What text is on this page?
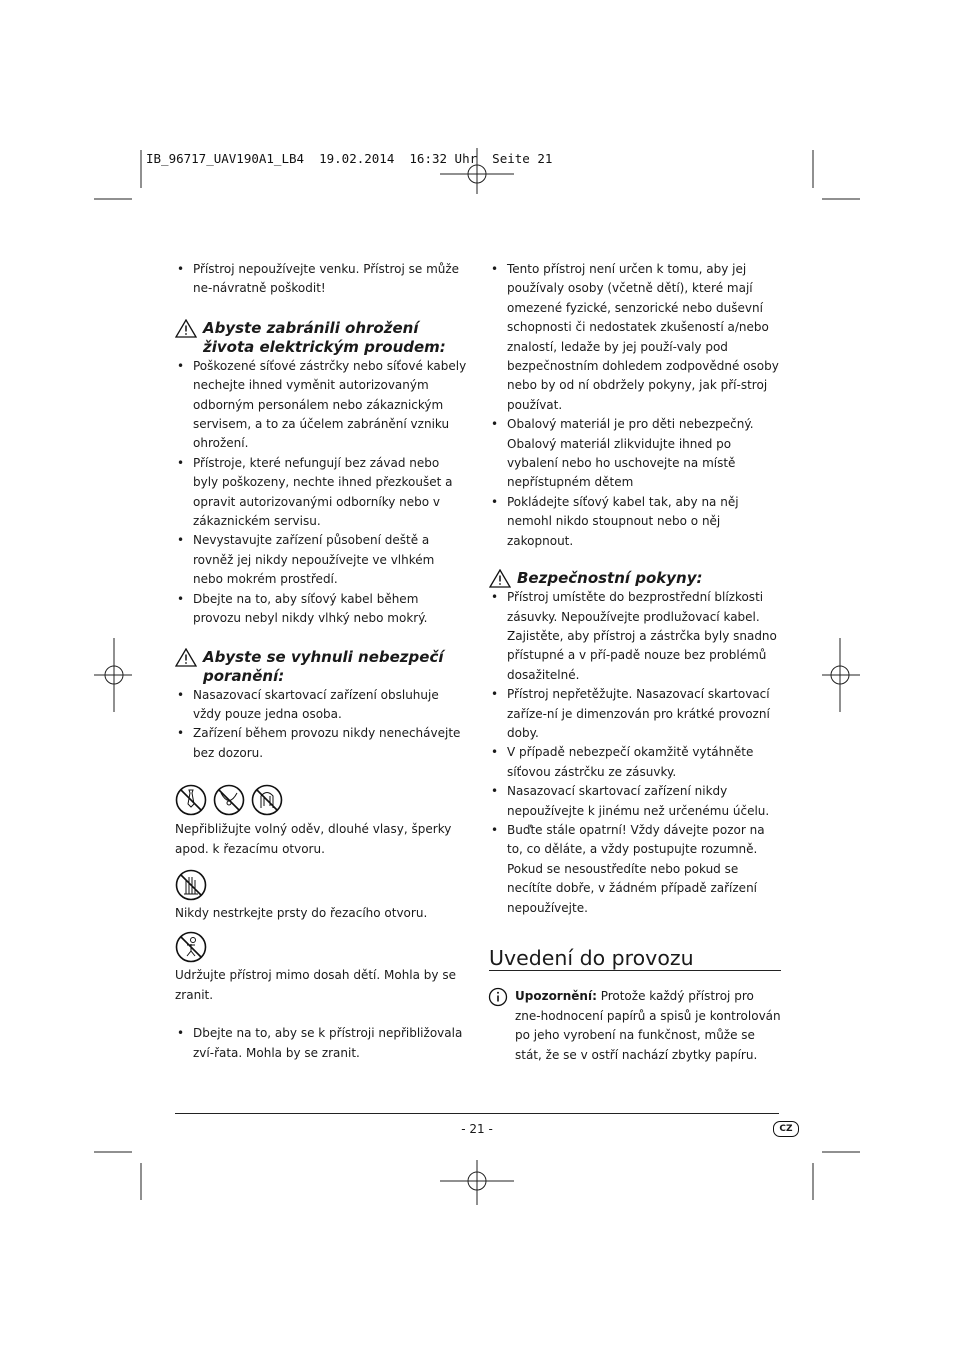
IB_96717_UAV190A1_LB4  19.02.2014  16:32 Uhr  Seite 21
• Přístroj nepoužívejte venku. Přístroj se může ne-návratně poškodit!
Abyste zabránili ohrožení života elektrickým proudem:
• Poškozené síťové zástrčky nebo síťové kabely nechejte ihned vyměnit autorizovaným odborným personálem nebo zákaznickým servisem, a to za účelem zabránění vzniku ohrožení.
• Přístroje, které nefungují bez závad nebo byly poškozeny, nechte ihned přezkoušet a opravit autorizovanými odborníky nebo v zákaznickém servisu.
• Nevystavujte zařízení působení deště a rovněž jej nikdy nepoužívejte ve vlhkém nebo mokrém prostředí.
• Dbejte na to, aby síťový kabel během provozu nebyl nikdy vlhký nebo mokrý.
Abyste se vyhnuli nebezpečí poranění:
• Nasazovací skartovací zařízení obsluhuje vždy pouze jedna osoba.
• Zařízení během provozu nikdy nenechávejte bez dozoru.

Nepřibližujte volný oděv, dlouhé vlasy, šperky apod. k řezacímu otvoru.

Nikdy nestrkejte prsty do řezacího otvoru.

Udržujte přístroj mimo dosah dětí. Mohla by se zranit.

• Dbejte na to, aby se k přístroji nepřibližovala zví-řata. Mohla by se zranit.
• Tento přístroj není určen k tomu, aby jej používaly osoby (včetně dětí), které mají omezené fyzické, senzorické nebo duševní schopnosti či nedostatek zkušeností a/nebo znalostí, ledaže by jej použí-valy pod bezpečnostním dohledem zodpovědné osoby nebo by od ní obdržely pokyny, jak pří-stroj používat.
• Obalový materiál je pro děti nebezpečný. Obalový materiál zlikvidujte ihned po vybalení nebo ho uschovejte na místě nepřístupném dětem
• Pokládejte síťový kabel tak, aby na něj nemohl nikdo stoupnout nebo o něj zakopnout.
Bezpečnostní pokyny:
• Přístroj umístěte do bezprostřední blízkosti zásuvky. Nepoužívejte prodlužovací kabel. Zajistěte, aby přístroj a zástrčka byly snadno přístupné a v pří-padě nouze bez problémů dosažitelné.
• Přístroj nepřetěžujte. Nasazovací skartovací zaříze-ní je dimenzován pro krátké provozní doby.
• V případě nebezpečí okamžitě vytáhněte síťovou zástrčku ze zásuvky.
• Nasazovací skartovací zařízení nikdy nepoužívejte k jinému než určenému účelu.
• Buďte stále opatrní! Vždy dávejte pozor na to, co děláte, a vždy postupujte rozumně. Pokud se nesoustředíte nebo pokud se necítíte dobře, v žádném případě zařízení nepoužívejte.
Uvedení do provozu
Upozornění: Protože každý přístroj pro zne-hodnocení papírů a spisů je kontrolován po jeho vyrobení na funkčnost, může se stát, že se v ostří nachází zbytky papíru.
- 21 -	CZ
